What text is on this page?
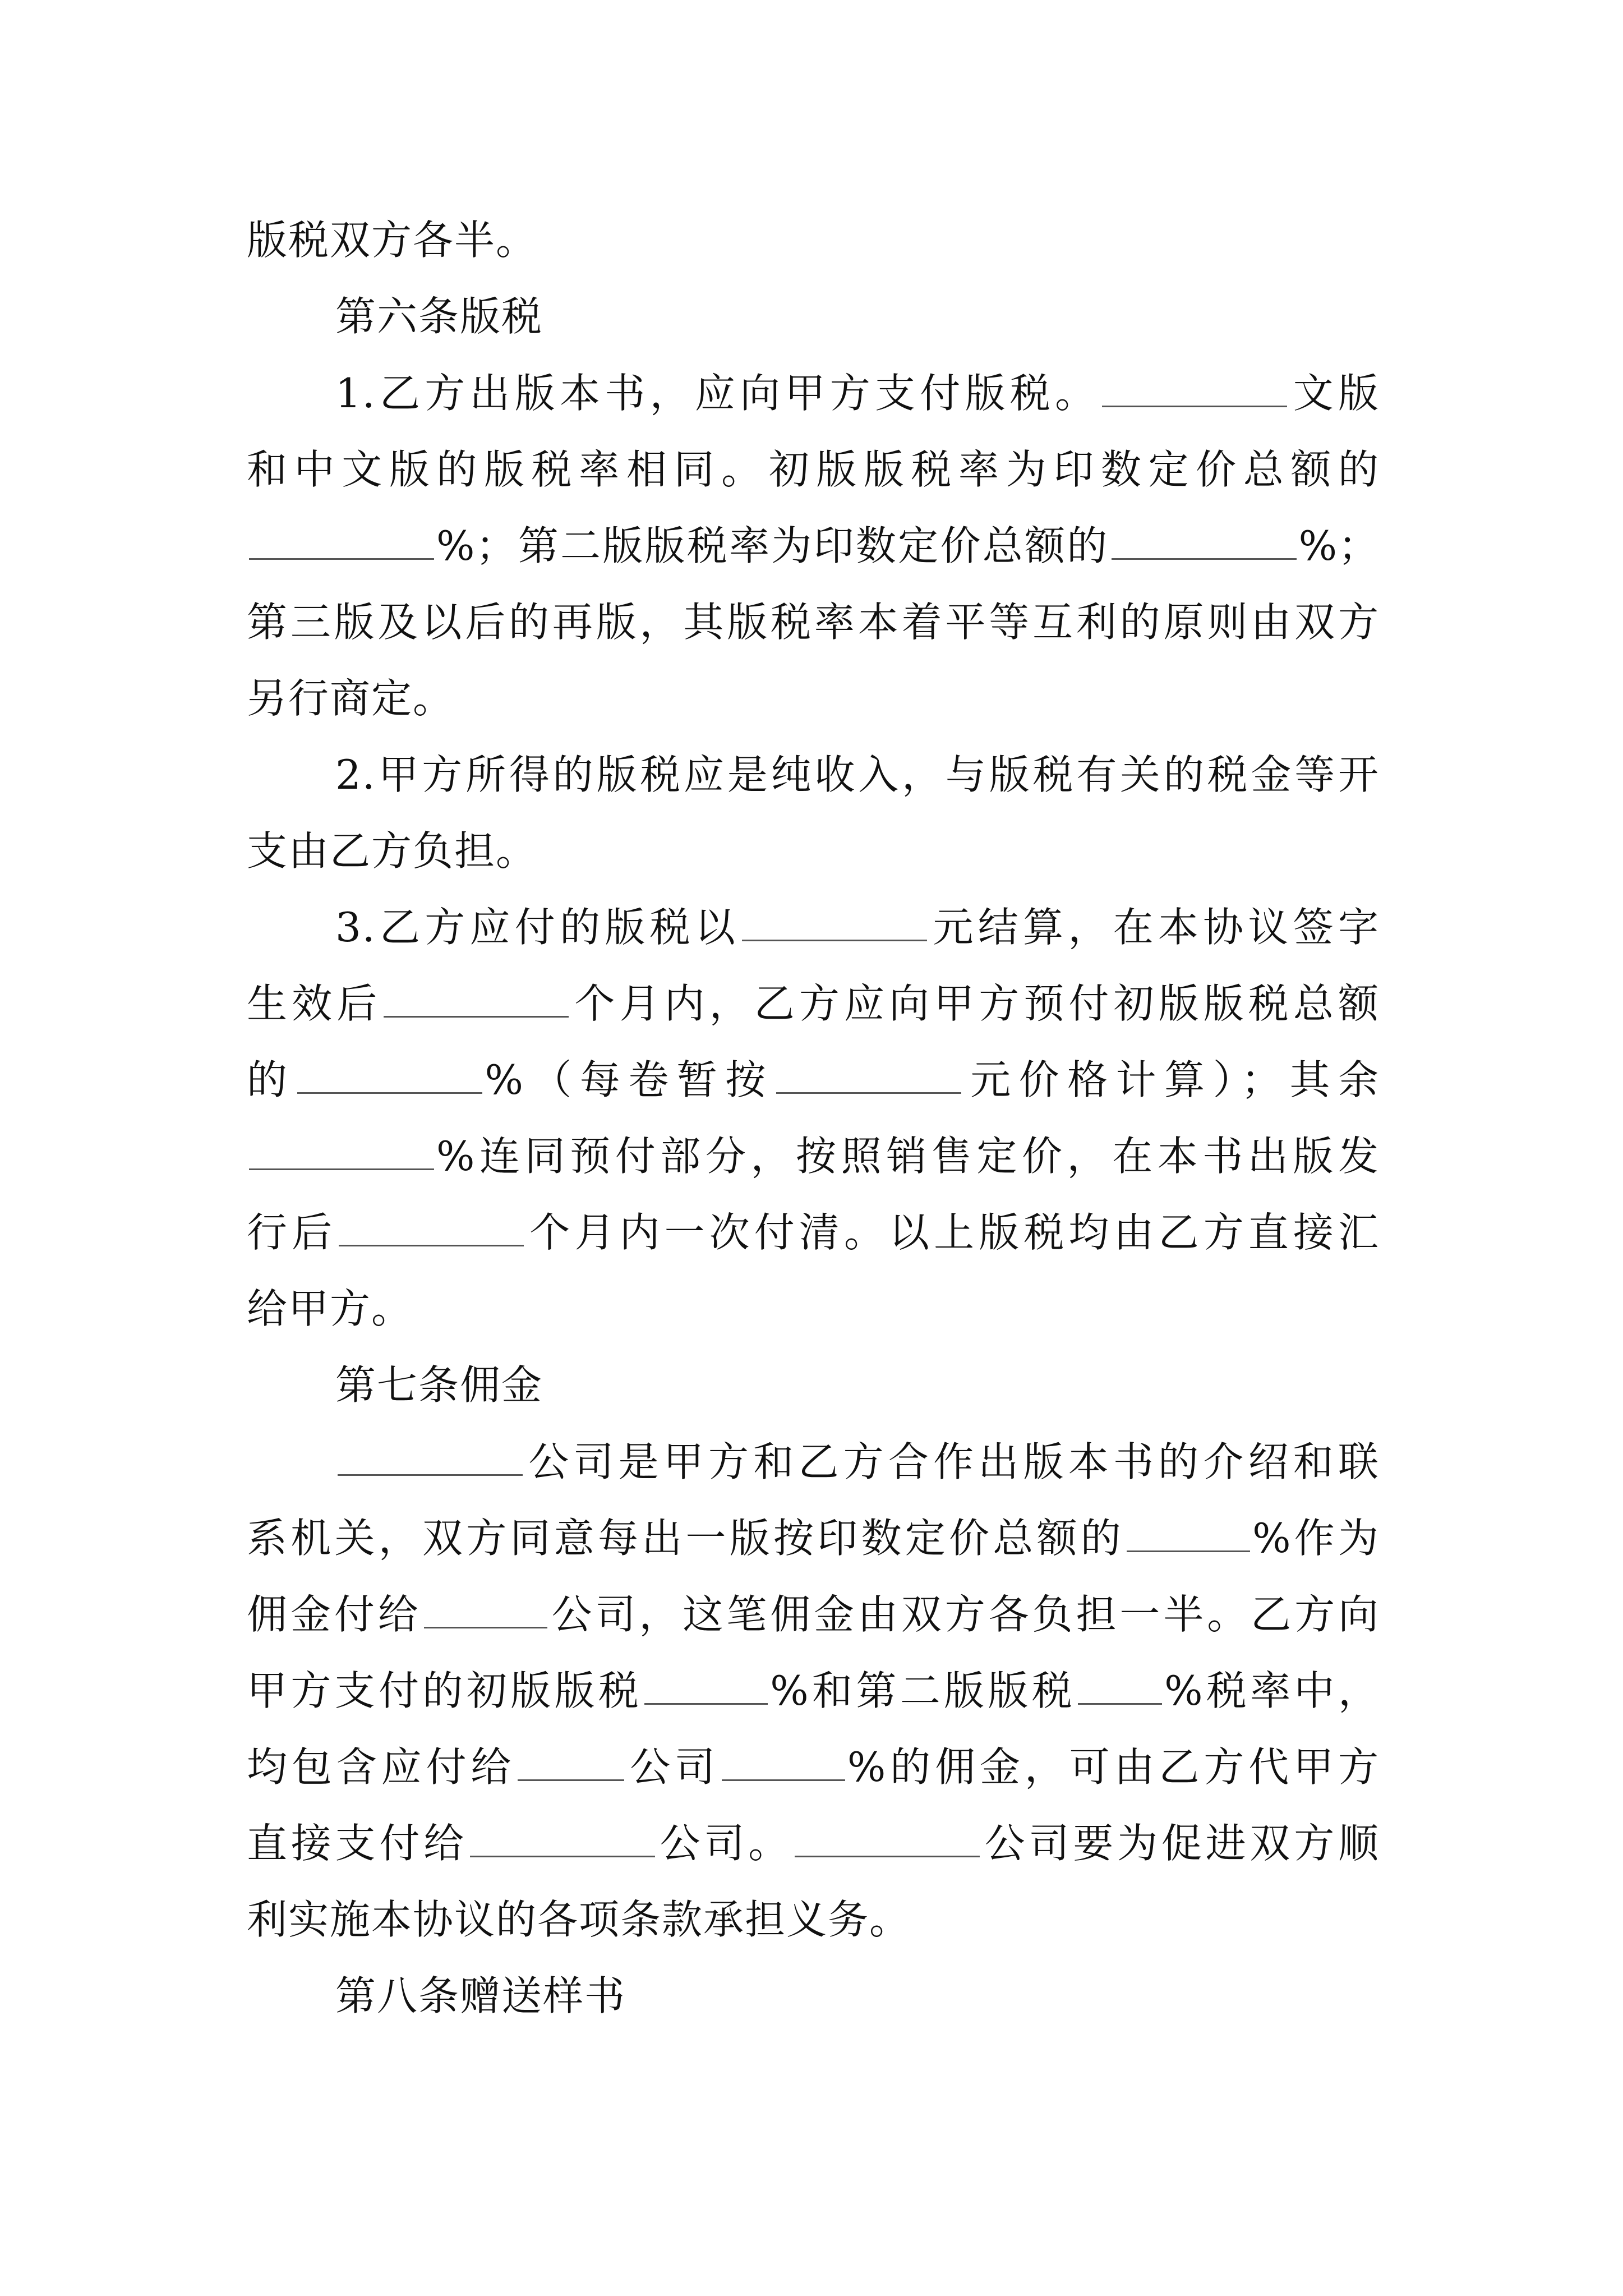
版税双方各半。
第六条版税
1.乙方出版本书，应向甲方支付版税。	文版
和中文版的版税率相同。初版版税率为印数定价总额的
%；第二版版税率为印数定价总额的	%；
第三版及以后的再版，其版税率本着平等互利的原则由双方
另行商定。
2.甲方所得的版税应是纯收入，与版税有关的税金等开
支由乙方负担。
3.乙方应付的版税以	元结算，在本协议签字
生效后	个月内，乙方应向甲方预付初版版税总额
的	%（每卷暂按	元价格计算）；其余
%连同预付部分，按照销售定价，在本书出版发
行后	个月内一次付清。以上版税均由乙方直接汇
给甲方。
第七条佣金
公司是甲方和乙方合作出版本书的介绍和联
系机关，双方同意每出一版按印数定价总额的	%作为
佣金付给	公司，这笔佣金由双方各负担一半。乙方向
甲方支付的初版版税	%和第二版版税 %税率中，
均包含应付给	公司	%的佣金，可由乙方代甲方
直接支付给	公司。	公司要为促进双方顺
利实施本协议的各项条款承担义务。
第八条赠送样书
